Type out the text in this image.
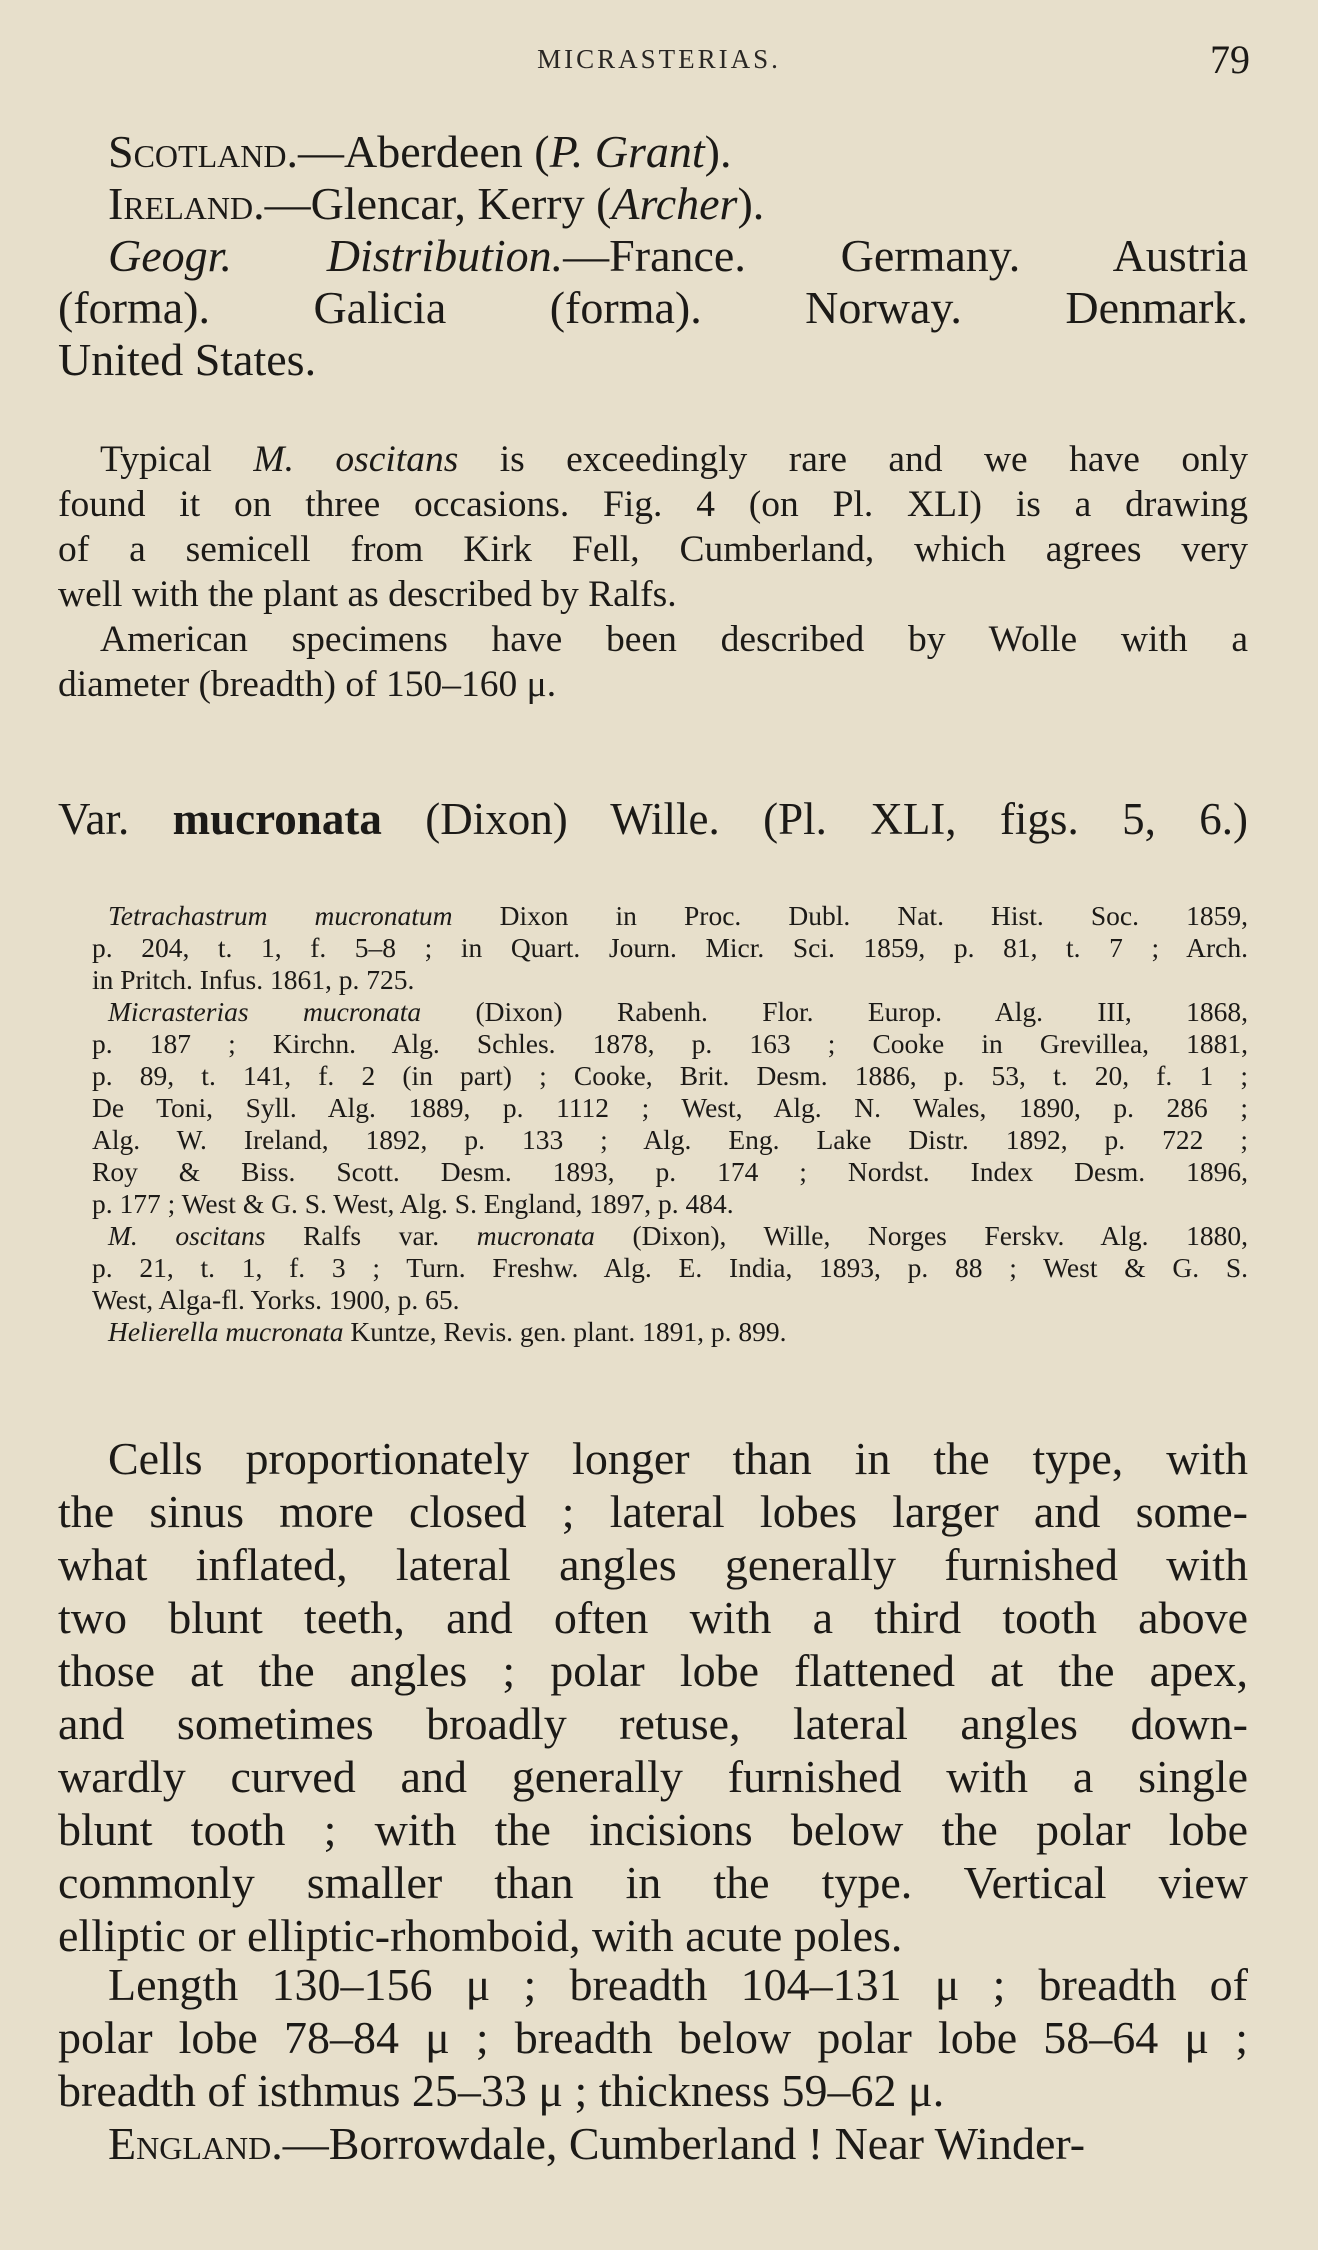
MICRASTERIAS.	79
Scotland.—Aberdeen (P. Grant).
Ireland.—Glencar, Kerry (Archer).
Geogr. Distribution.—France. Germany. Austria
(forma). Galicia (forma). Norway. Denmark.
United States.
Typical M. oscitans is exceedingly rare and we have only
found it on three occasions. Fig. 4 (on Pl. XLI) is a drawing
of a semicell from Kirk Fell, Cumberland, which agrees very
well with the plant as described by Ralfs.
American specimens have been described by Wolle with a
diameter (breadth) of 150–160 μ.
Var. mucronata (Dixon) Wille. (Pl. XLI, figs. 5, 6.)
Tetrachastrum mucronatum Dixon in Proc. Dubl. Nat. Hist. Soc. 1859,
p. 204, t. 1, f. 5–8 ; in Quart. Journ. Micr. Sci. 1859, p. 81, t. 7 ; Arch.
in Pritch. Infus. 1861, p. 725.
Micrasterias mucronata (Dixon) Rabenh. Flor. Europ. Alg. III, 1868,
p. 187 ; Kirchn. Alg. Schles. 1878, p. 163 ; Cooke in Grevillea, 1881,
p. 89, t. 141, f. 2 (in part) ; Cooke, Brit. Desm. 1886, p. 53, t. 20, f. 1 ;
De Toni, Syll. Alg. 1889, p. 1112 ; West, Alg. N. Wales, 1890, p. 286 ;
Alg. W. Ireland, 1892, p. 133 ; Alg. Eng. Lake Distr. 1892, p. 722 ;
Roy & Biss. Scott. Desm. 1893, p. 174 ; Nordst. Index Desm. 1896,
p. 177 ; West & G. S. West, Alg. S. England, 1897, p. 484.
M. oscitans Ralfs var. mucronata (Dixon), Wille, Norges Ferskv. Alg. 1880,
p. 21, t. 1, f. 3 ; Turn. Freshw. Alg. E. India, 1893, p. 88 ; West & G. S.
West, Alga-fl. Yorks. 1900, p. 65.
Helierella mucronata Kuntze, Revis. gen. plant. 1891, p. 899.
Cells proportionately longer than in the type, with
the sinus more closed ; lateral lobes larger and some-
what inflated, lateral angles generally furnished with
two blunt teeth, and often with a third tooth above
those at the angles ; polar lobe flattened at the apex,
and sometimes broadly retuse, lateral angles down-
wardly curved and generally furnished with a single
blunt tooth ; with the incisions below the polar lobe
commonly smaller than in the type. Vertical view
elliptic or elliptic-rhomboid, with acute poles.
Length 130–156 μ ; breadth 104–131 μ ; breadth of
polar lobe 78–84 μ ; breadth below polar lobe 58–64 μ ;
breadth of isthmus 25–33 μ ; thickness 59–62 μ.
England.—Borrowdale, Cumberland ! Near Winder-
